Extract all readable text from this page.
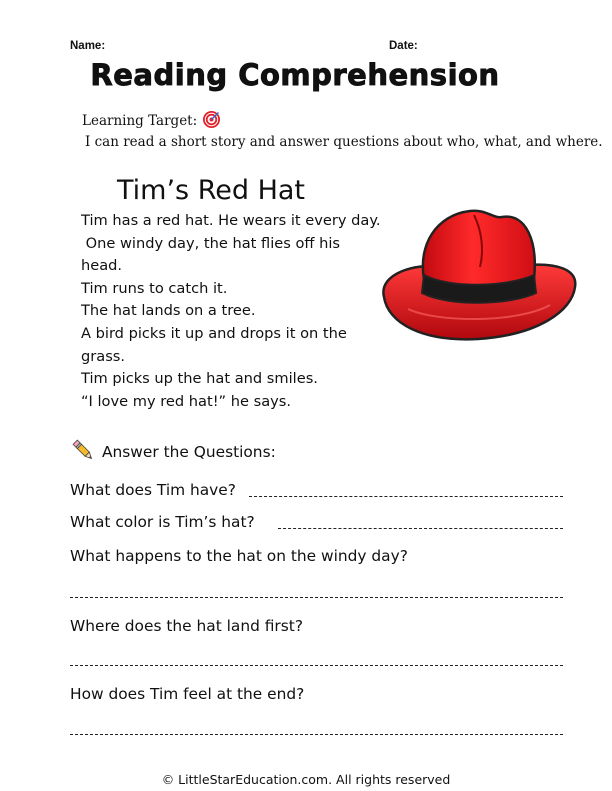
Name:	Date:
Reading Comprehension
Learning Target:
I can read a short story and answer questions about who, what, and where.
Tim’s Red Hat
Tim has a red hat. He wears it every day.
One windy day, the hat flies off his
head.
Tim runs to catch it.
The hat lands on a tree.
A bird picks it up and drops it on the
grass.
Tim picks up the hat and smiles.
“I love my red hat!” he says.
Answer the Questions:
What does Tim have?
What color is Tim’s hat?
What happens to the hat on the windy day?
Where does the hat land first?
How does Tim feel at the end?
© LittleStarEducation.com. All rights reserved
